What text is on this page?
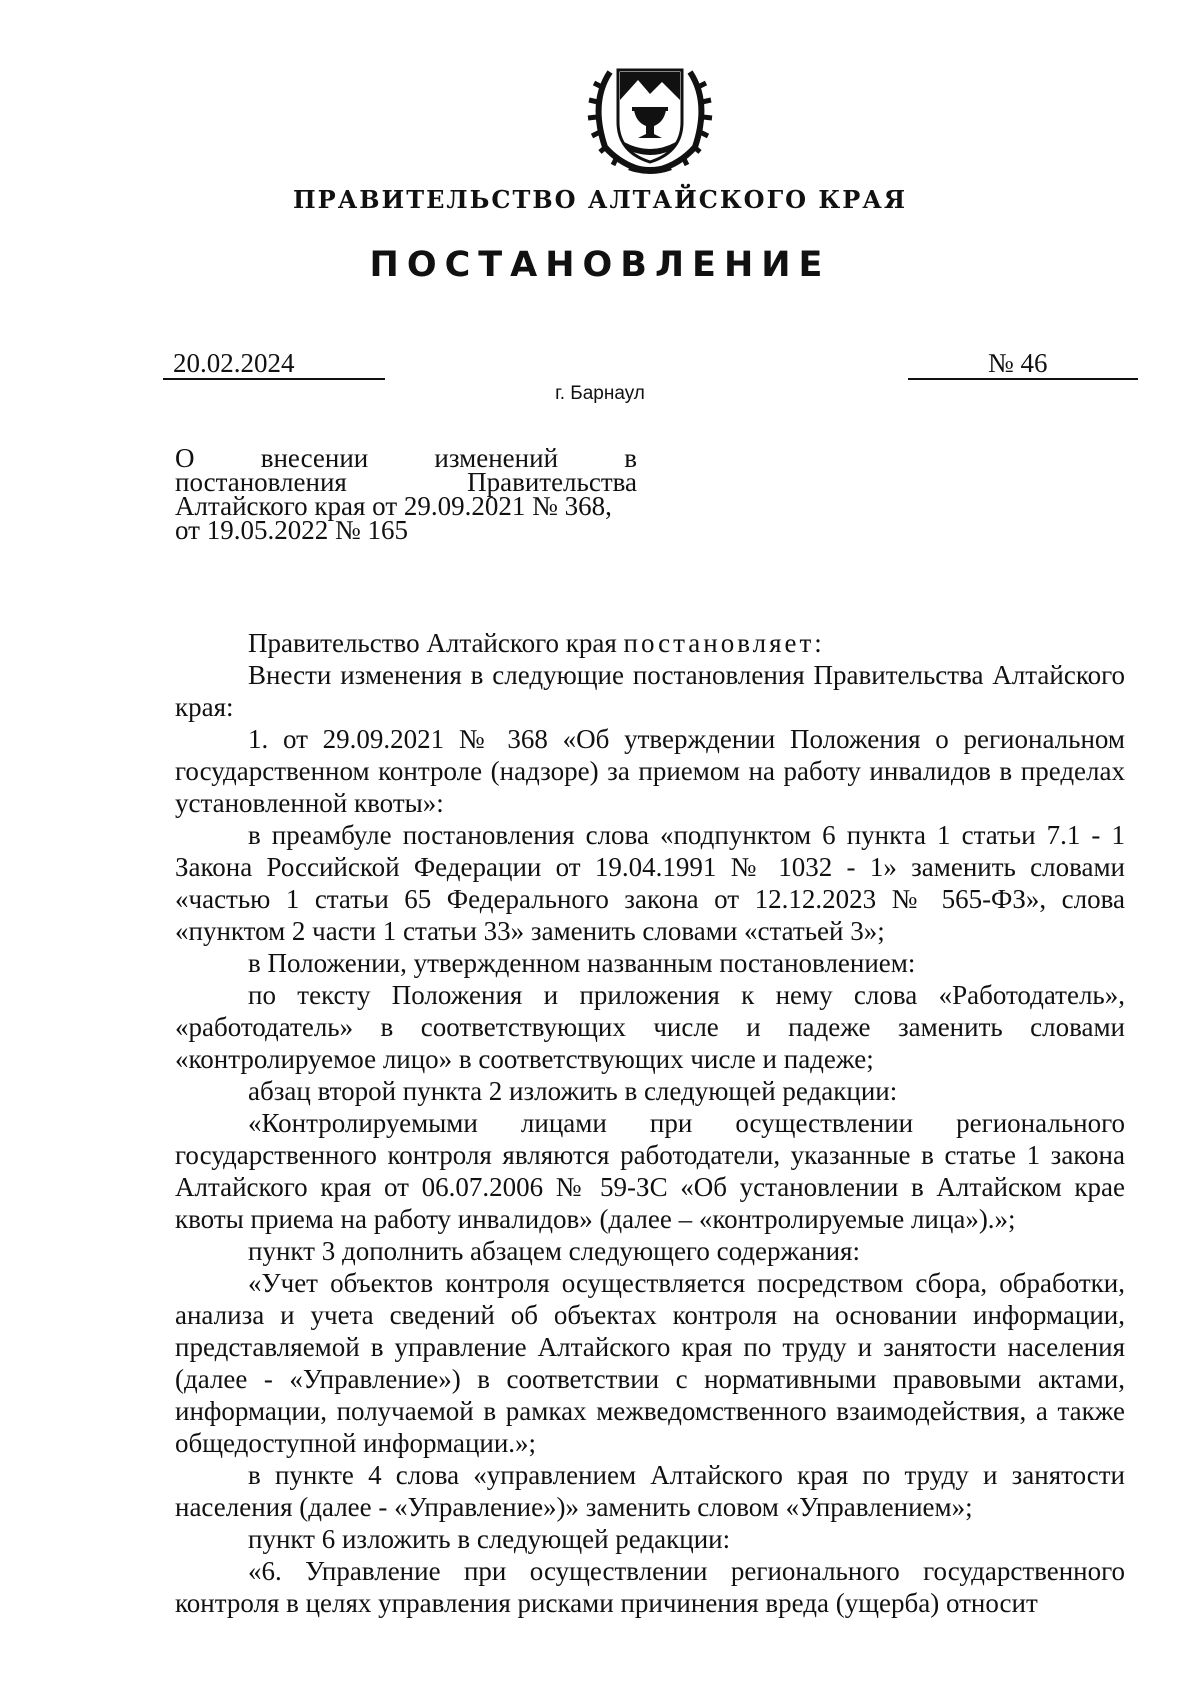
ПРАВИТЕЛЬСТВО АЛТАЙСКОГО КРАЯ
ПОСТАНОВЛЕНИЕ
20.02.2024	№ 46
г. Барнаул
О внесении изменений в
постановления Правительства
Алтайского края от 29.09.2021 № 368,
от 19.05.2022 № 165

Правительство Алтайского края постановляет:

Внести изменения в следующие постановления Правительства Алтайского края:

1. от 29.09.2021 № 368 «Об утверждении Положения о региональном государственном контроле (надзоре) за приемом на работу инвалидов в пределах установленной квоты»:

в преамбуле постановления слова «подпунктом 6 пункта 1 статьи 7.1 - 1 Закона Российской Федерации от 19.04.1991 № 1032 - 1» заменить словами «частью 1 статьи 65 Федерального закона от 12.12.2023 № 565-ФЗ», слова «пунктом 2 части 1 статьи 33» заменить словами «статьей 3»;

в Положении, утвержденном названным постановлением:

по тексту Положения и приложения к нему слова «Работодатель», «работодатель» в соответствующих числе и падеже заменить словами «контролируемое лицо» в соответствующих числе и падеже;

абзац второй пункта 2 изложить в следующей редакции:

«Контролируемыми лицами при осуществлении регионального государственного контроля являются работодатели, указанные в статье 1 закона Алтайского края от 06.07.2006 № 59-ЗС «Об установлении в Алтайском крае квоты приема на работу инвалидов» (далее – «контролируемые лица»).»;

пункт 3 дополнить абзацем следующего содержания:

«Учет объектов контроля осуществляется посредством сбора, обработки, анализа и учета сведений об объектах контроля на основании информации, представляемой в управление Алтайского края по труду и занятости населения (далее - «Управление») в соответствии с нормативными правовыми актами, информации, получаемой в рамках межведомственного взаимодействия, а также общедоступной информации.»;

в пункте 4 слова «управлением Алтайского края по труду и занятости населения (далее - «Управление»)» заменить словом «Управлением»;

пункт 6 изложить в следующей редакции:

«6. Управление при осуществлении регионального государственного контроля в целях управления рисками причинения вреда (ущерба) относит
